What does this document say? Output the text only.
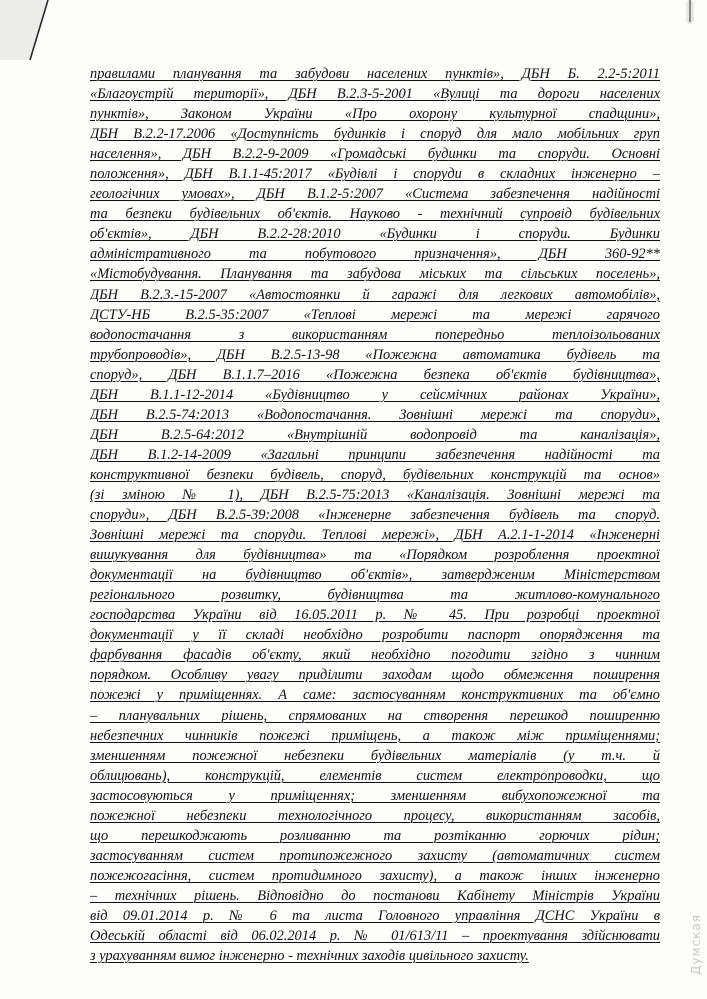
правилами планування та забудови населених пунктів», ДБН Б. 2.2-5:2011
«Благоустрій території», ДБН В.2.3-5-2001 «Вулиці та дороги населених
пунктів», Законом України «Про охорону культурної спадщини»,
ДБН В.2.2-17.2006 «Доступність будинків і споруд для мало мобільних груп
населення», ДБН В.2.2-9-2009 «Громадські будинки та споруди. Основні
положення», ДБН В.1.1-45:2017 «Будівлі і споруди в складних інженерно –
геологічних умовах», ДБН В.1.2-5:2007 «Система забезпечення надійності
та безпеки будівельних об'єктів. Науково - технічний супровід будівельних
об'єктів», ДБН В.2.2-28:2010 «Будинки і споруди. Будинки
адміністративного та побутового призначення», ДБН 360-92**
«Містобудування. Планування та забудова міських та сільських поселень»,
ДБН В.2.3.-15-2007 «Автостоянки й гаражі для легкових автомобілів»,
ДСТУ-НБ В.2.5-35:2007 «Теплові мережі та мережі гарячого
водопостачання з використанням попередньо теплоізольованих
трубопроводів», ДБН В.2.5-13-98 «Пожежна автоматика будівель та
споруд», ДБН В.1.1.7–2016 «Пожежна безпека об'єктів будівництва»,
ДБН В.1.1-12-2014 «Будівництво у сейсмічних районах України»,
ДБН В.2.5-74:2013 «Водопостачання. Зовнішні мережі та споруди»,
ДБН В.2.5-64:2012 «Внутрішній водопровід та каналізація»,
ДБН В.1.2-14-2009 «Загальні принципи забезпечення надійності та
конструктивної безпеки будівель, споруд, будівельних конструкцій та основ»
(зі зміною № 1), ДБН В.2.5-75:2013 «Каналізація. Зовнішні мережі та
споруди», ДБН В.2.5-39:2008 «Інженерне забезпечення будівель та споруд.
Зовнішні мережі та споруди. Теплові мережі», ДБН А.2.1-1-2014 «Інженерні
вишукування для будівництва» та «Порядком розроблення проектної
документації на будівництво об'єктів», затвердженим Міністерством
регіонального розвитку, будівництва та житлово-комунального
господарства України від 16.05.2011 р. № 45. При розробці проектної
документації у її складі необхідно розробити паспорт опорядження та
фарбування фасадів об'єкту, який необхідно погодити згідно з чинним
порядком. Особливу увагу приділити заходам щодо обмеження поширення
пожежі у приміщеннях. А саме: застосуванням конструктивних та об'ємно
– планувальних рішень, спрямованих на створення перешкод поширенню
небезпечних чинників пожежі приміщень, а також між приміщеннями;
зменшенням пожежної небезпеки будівельних матеріалів (у т.ч. й
облицювань), конструкцій, елементів систем електропроводки, що
застосовуються у приміщеннях; зменшенням вибухопожежної та
пожежної небезпеки технологічного процесу, використанням засобів,
що перешкоджають розливанню та розтіканню горючих рідин;
застосуванням систем протипожежного захисту (автоматичних систем
пожежогасіння, систем протидимного захисту), а також інших інженерно
– технічних рішень. Відповідно до постанови Кабінету Міністрів України
від 09.01.2014 р. № 6 та листа Головного управління ДСНС України в
Одеській області від 06.02.2014 р. № 01/613/11 – проектування здійснювати
з урахуванням вимог інженерно - технічних заходів цивільного захисту.	Думская
